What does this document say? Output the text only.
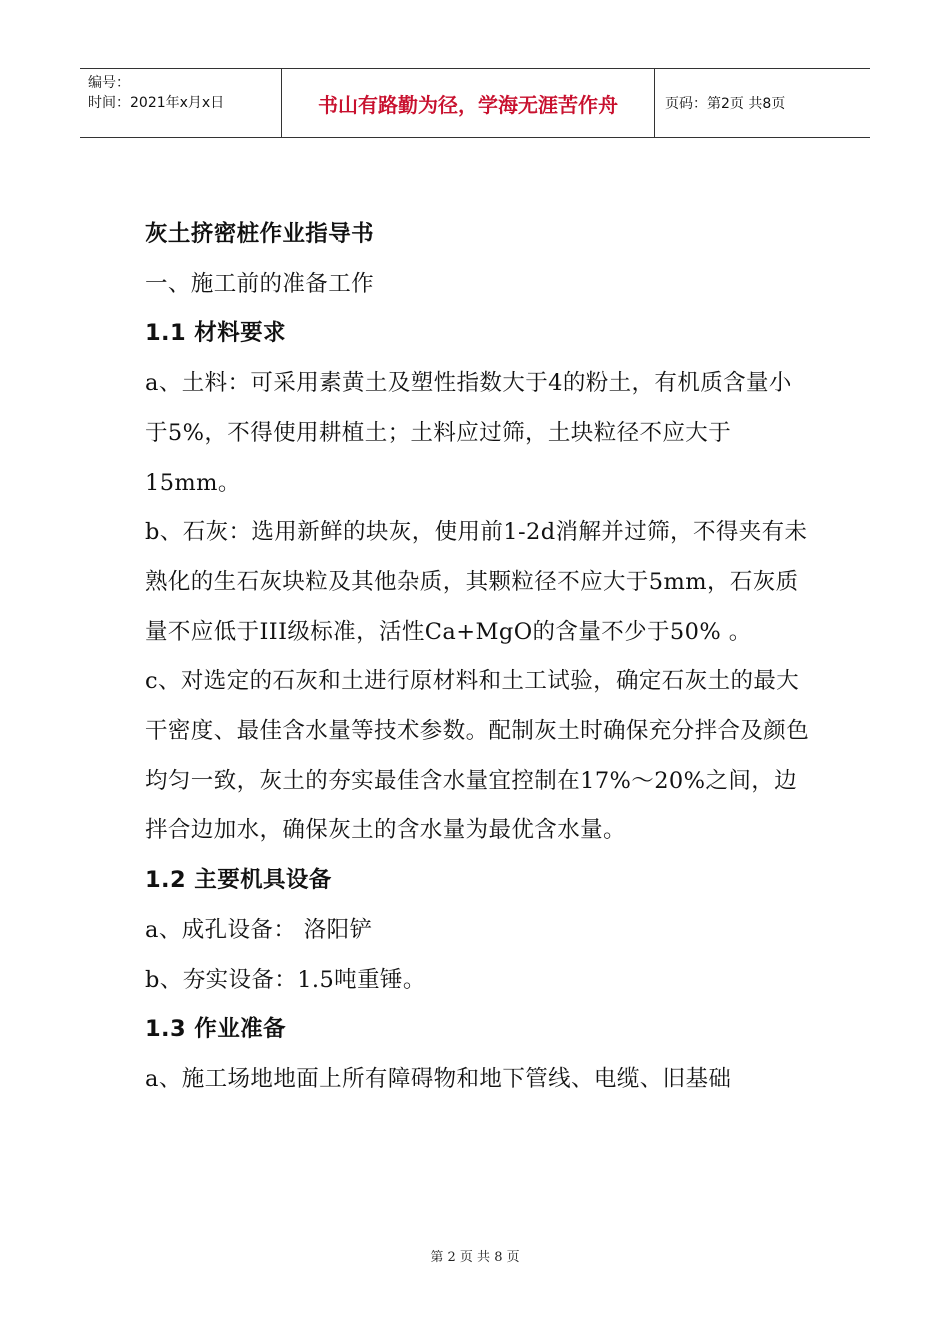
编号：
时间：2021年x月x日	书山有路勤为径，学海无涯苦作舟	页码：第2页 共8页

灰土挤密桩作业指导书

一、施工前的准备工作

1.1 材料要求

a、土料：可采用素黄土及塑性指数大于4的粉土，有机质含量小于5%，不得使用耕植土；土料应过筛，土块粒径不应大于15mm。

b、石灰：选用新鲜的块灰，使用前1-2d消解并过筛，不得夹有未熟化的生石灰块粒及其他杂质，其颗粒径不应大于5mm，石灰质量不应低于III级标准，活性Ca+MgO的含量不少于50% 。

c、对选定的石灰和土进行原材料和土工试验，确定石灰土的最大干密度、最佳含水量等技术参数。配制灰土时确保充分拌合及颜色均匀一致，灰土的夯实最佳含水量宜控制在17%～20%之间，边拌合边加水，确保灰土的含水量为最优含水量。

1.2 主要机具设备

a、成孔设备： 洛阳铲

b、夯实设备：1.5吨重锤。

1.3 作业准备

a、施工场地地面上所有障碍物和地下管线、电缆、旧基础

第 2 页 共 8 页
